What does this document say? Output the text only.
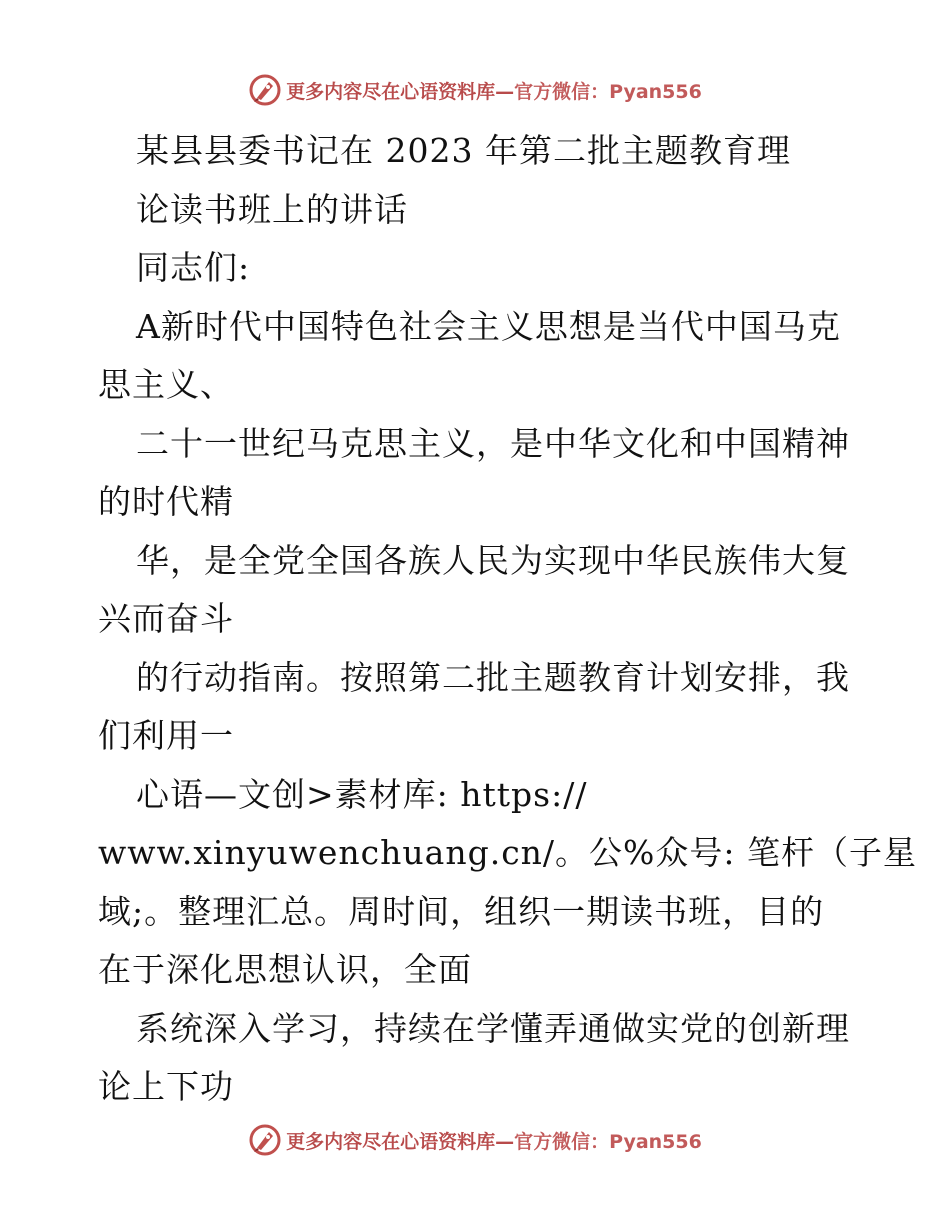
更多内容尽在心语资料库—官方微信：Pyan556
某县县委书记在 2023 年第二批主题教育理
论读书班上的讲话
同志们:
A新时代中国特色社会主义思想是当代中国马克
思主义、
二十一世纪马克思主义，是中华文化和中国精神
的时代精
华，是全党全国各族人民为实现中华民族伟大复
兴而奋斗
的行动指南。按照第二批主题教育计划安排，我
们利用一
心语—文创>素材库: https://
www.xinyuwenchuang.cn/。公%众号: 笔杆（子星
域;。整理汇总。周时间，组织一期读书班，目的
在于深化思想认识，全面
系统深入学习，持续在学懂弄通做实党的创新理
论上下功
更多内容尽在心语资料库—官方微信：Pyan556
